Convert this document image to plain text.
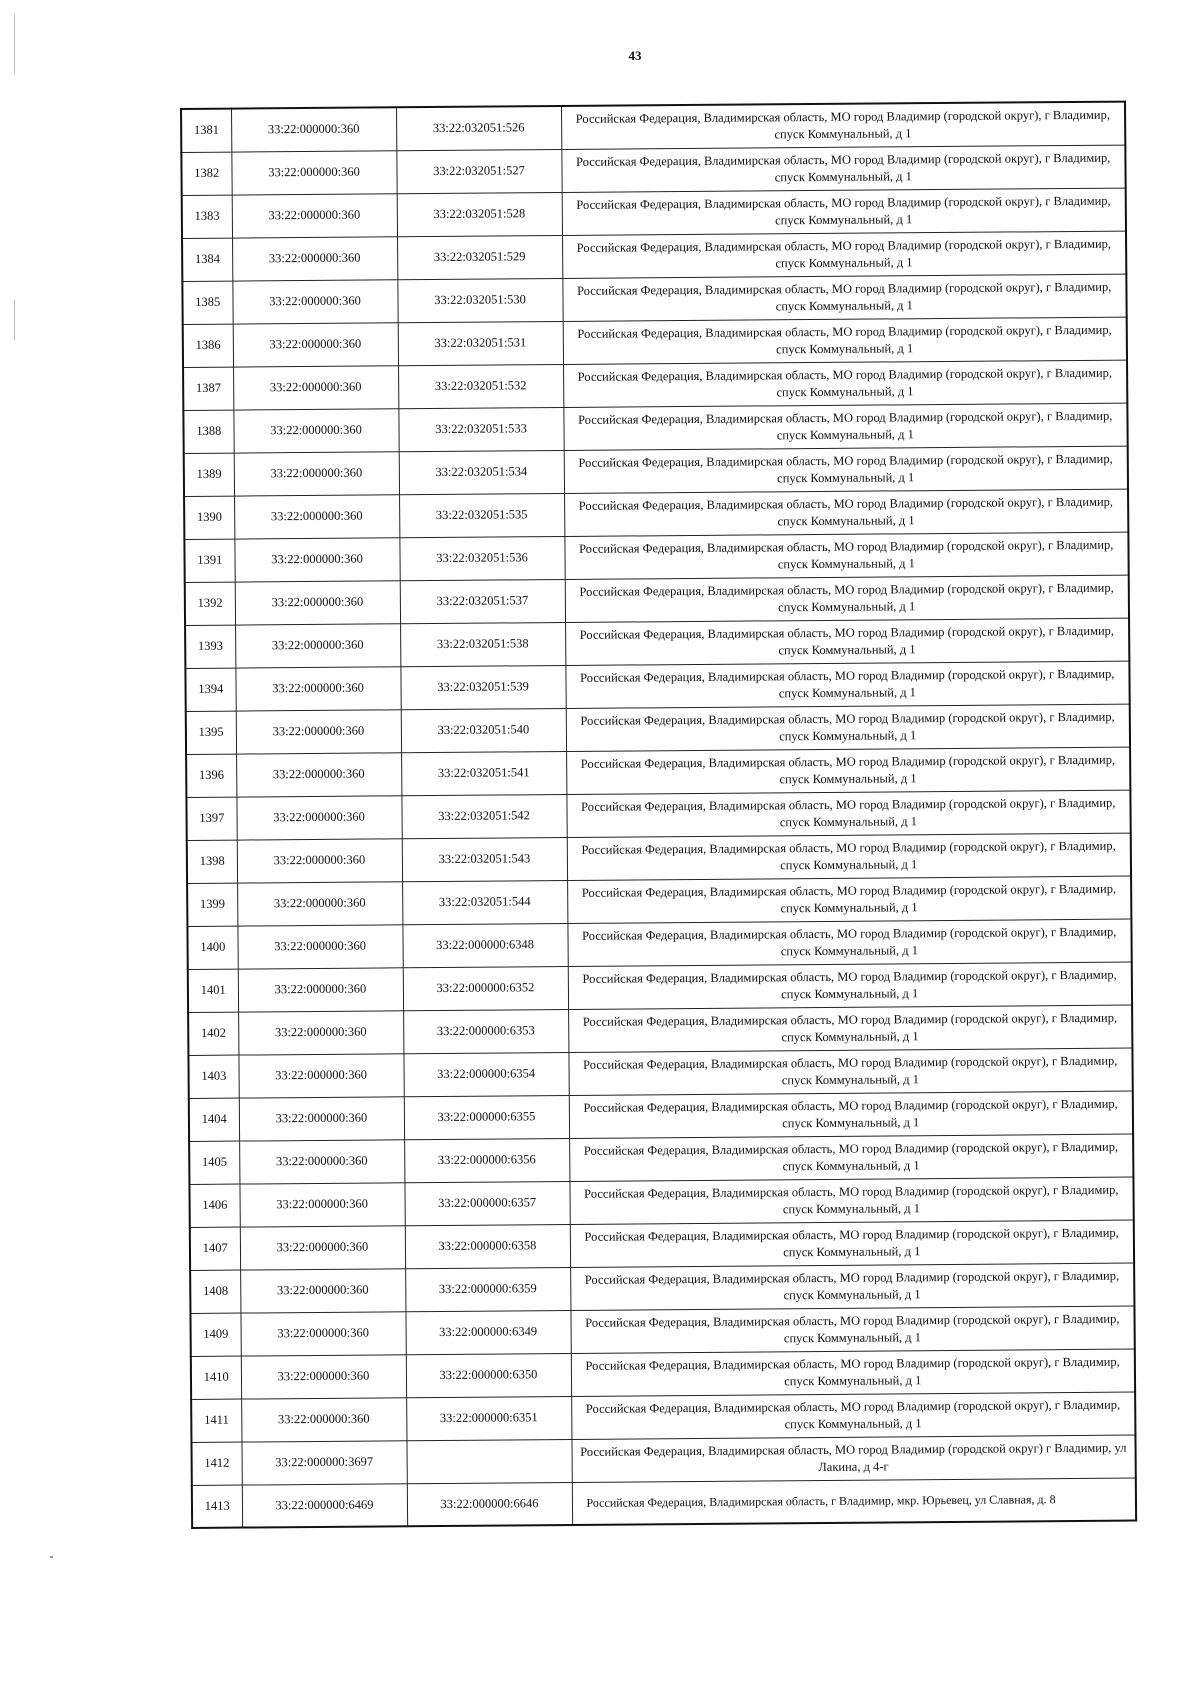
43
1381	33:22:000000:360	33:22:032051:526	Российская Федерация, Владимирская область, МО город Владимир (городской округ), г Владимир, спуск Коммунальный, д 1
1382	33:22:000000:360	33:22:032051:527	Российская Федерация, Владимирская область, МО город Владимир (городской округ), г Владимир, спуск Коммунальный, д 1
1383	33:22:000000:360	33:22:032051:528	Российская Федерация, Владимирская область, МО город Владимир (городской округ), г Владимир, спуск Коммунальный, д 1
1384	33:22:000000:360	33:22:032051:529	Российская Федерация, Владимирская область, МО город Владимир (городской округ), г Владимир, спуск Коммунальный, д 1
1385	33:22:000000:360	33:22:032051:530	Российская Федерация, Владимирская область, МО город Владимир (городской округ), г Владимир, спуск Коммунальный, д 1
1386	33:22:000000:360	33:22:032051:531	Российская Федерация, Владимирская область, МО город Владимир (городской округ), г Владимир, спуск Коммунальный, д 1
1387	33:22:000000:360	33:22:032051:532	Российская Федерация, Владимирская область, МО город Владимир (городской округ), г Владимир, спуск Коммунальный, д 1
1388	33:22:000000:360	33:22:032051:533	Российская Федерация, Владимирская область, МО город Владимир (городской округ), г Владимир, спуск Коммунальный, д 1
1389	33:22:000000:360	33:22:032051:534	Российская Федерация, Владимирская область, МО город Владимир (городской округ), г Владимир, спуск Коммунальный, д 1
1390	33:22:000000:360	33:22:032051:535	Российская Федерация, Владимирская область, МО город Владимир (городской округ), г Владимир, спуск Коммунальный, д 1
1391	33:22:000000:360	33:22:032051:536	Российская Федерация, Владимирская область, МО город Владимир (городской округ), г Владимир, спуск Коммунальный, д 1
1392	33:22:000000:360	33:22:032051:537	Российская Федерация, Владимирская область, МО город Владимир (городской округ), г Владимир, спуск Коммунальный, д 1
1393	33:22:000000:360	33:22:032051:538	Российская Федерация, Владимирская область, МО город Владимир (городской округ), г Владимир, спуск Коммунальный, д 1
1394	33:22:000000:360	33:22:032051:539	Российская Федерация, Владимирская область, МО город Владимир (городской округ), г Владимир, спуск Коммунальный, д 1
1395	33:22:000000:360	33:22:032051:540	Российская Федерация, Владимирская область, МО город Владимир (городской округ), г Владимир, спуск Коммунальный, д 1
1396	33:22:000000:360	33:22:032051:541	Российская Федерация, Владимирская область, МО город Владимир (городской округ), г Владимир, спуск Коммунальный, д 1
1397	33:22:000000:360	33:22:032051:542	Российская Федерация, Владимирская область, МО город Владимир (городской округ), г Владимир, спуск Коммунальный, д 1
1398	33:22:000000:360	33:22:032051:543	Российская Федерация, Владимирская область, МО город Владимир (городской округ), г Владимир, спуск Коммунальный, д 1
1399	33:22:000000:360	33:22:032051:544	Российская Федерация, Владимирская область, МО город Владимир (городской округ), г Владимир, спуск Коммунальный, д 1
1400	33:22:000000:360	33:22:000000:6348	Российская Федерация, Владимирская область, МО город Владимир (городской округ), г Владимир, спуск Коммунальный, д 1
1401	33:22:000000:360	33:22:000000:6352	Российская Федерация, Владимирская область, МО город Владимир (городской округ), г Владимир, спуск Коммунальный, д 1
1402	33:22:000000:360	33:22:000000:6353	Российская Федерация, Владимирская область, МО город Владимир (городской округ), г Владимир, спуск Коммунальный, д 1
1403	33:22:000000:360	33:22:000000:6354	Российская Федерация, Владимирская область, МО город Владимир (городской округ), г Владимир, спуск Коммунальный, д 1
1404	33:22:000000:360	33:22:000000:6355	Российская Федерация, Владимирская область, МО город Владимир (городской округ), г Владимир, спуск Коммунальный, д 1
1405	33:22:000000:360	33:22:000000:6356	Российская Федерация, Владимирская область, МО город Владимир (городской округ), г Владимир, спуск Коммунальный, д 1
1406	33:22:000000:360	33:22:000000:6357	Российская Федерация, Владимирская область, МО город Владимир (городской округ), г Владимир, спуск Коммунальный, д 1
1407	33:22:000000:360	33:22:000000:6358	Российская Федерация, Владимирская область, МО город Владимир (городской округ), г Владимир, спуск Коммунальный, д 1
1408	33:22:000000:360	33:22:000000:6359	Российская Федерация, Владимирская область, МО город Владимир (городской округ), г Владимир, спуск Коммунальный, д 1
1409	33:22:000000:360	33:22:000000:6349	Российская Федерация, Владимирская область, МО город Владимир (городской округ), г Владимир, спуск Коммунальный, д 1
1410	33:22:000000:360	33:22:000000:6350	Российская Федерация, Владимирская область, МО город Владимир (городской округ), г Владимир, спуск Коммунальный, д 1
1411	33:22:000000:360	33:22:000000:6351	Российская Федерация, Владимирская область, МО город Владимир (городской округ), г Владимир, спуск Коммунальный, д 1
1412	33:22:000000:3697		Российская Федерация, Владимирская область, МО город Владимир (городской округ) г Владимир, ул Лакина, д 4-г
1413	33:22:000000:6469	33:22:000000:6646	Российская Федерация, Владимирская область, г Владимир, мкр. Юрьевец, ул Славная, д. 8
